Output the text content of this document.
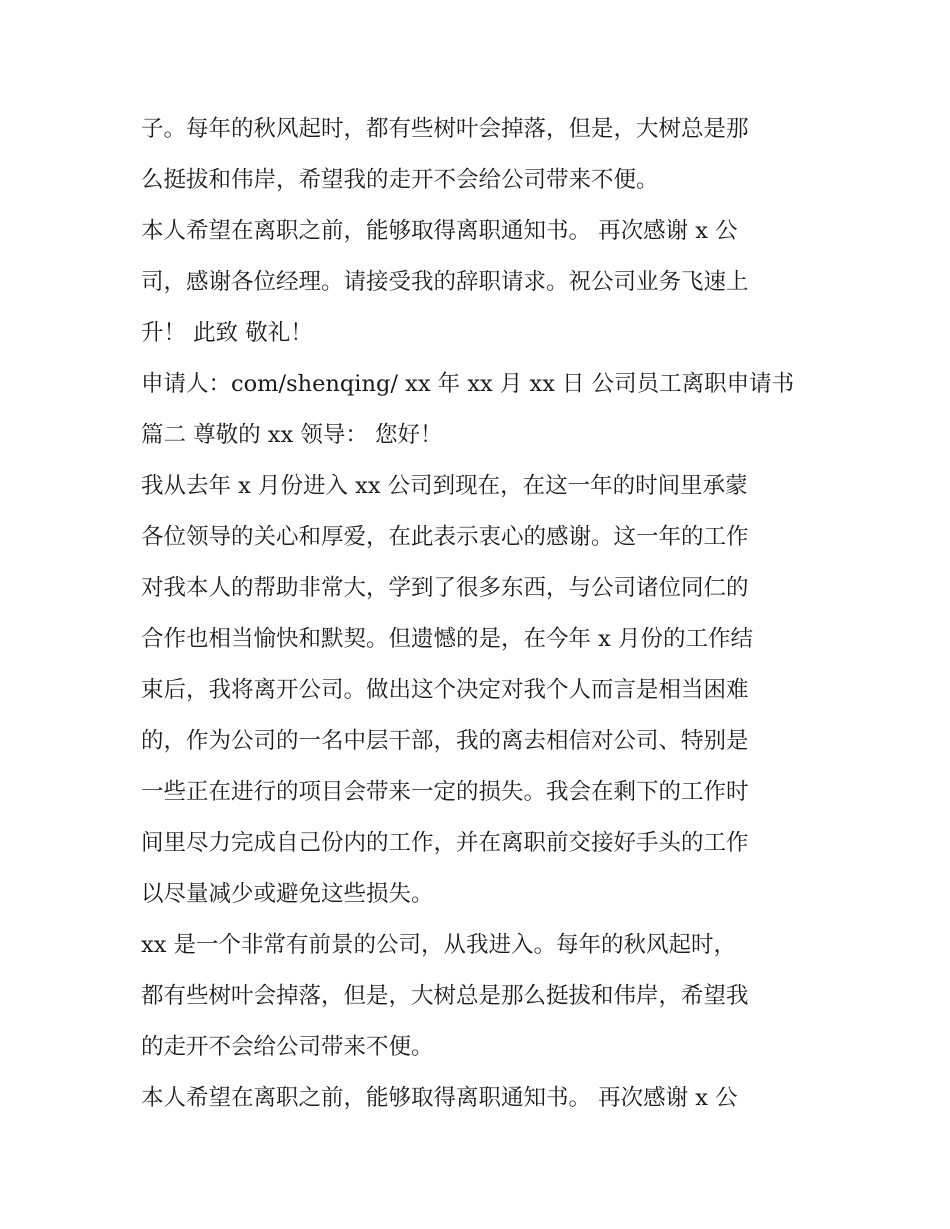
子。每年的秋风起时，都有些树叶会掉落，但是，大树总是那
么挺拔和伟岸，希望我的走开不会给公司带来不便。
本人希望在离职之前，能够取得离职通知书。 再次感谢 x 公
司，感谢各位经理。请接受我的辞职请求。祝公司业务飞速上
升！ 此致 敬礼！
申请人：com/shenqing/ xx 年 xx 月 xx 日 公司员工离职申请书
篇二 尊敬的 xx 领导： 您好！
我从去年 x 月份进入 xx 公司到现在，在这一年的时间里承蒙
各位领导的关心和厚爱，在此表示衷心的感谢。这一年的工作
对我本人的帮助非常大，学到了很多东西，与公司诸位同仁的
合作也相当愉快和默契。但遗憾的是，在今年 x 月份的工作结
束后，我将离开公司。做出这个决定对我个人而言是相当困难
的，作为公司的一名中层干部，我的离去相信对公司、特别是
一些正在进行的项目会带来一定的损失。我会在剩下的工作时
间里尽力完成自己份内的工作，并在离职前交接好手头的工作
以尽量减少或避免这些损失。
xx 是一个非常有前景的公司，从我进入。每年的秋风起时，
都有些树叶会掉落，但是，大树总是那么挺拔和伟岸，希望我
的走开不会给公司带来不便。
本人希望在离职之前，能够取得离职通知书。 再次感谢 x 公
